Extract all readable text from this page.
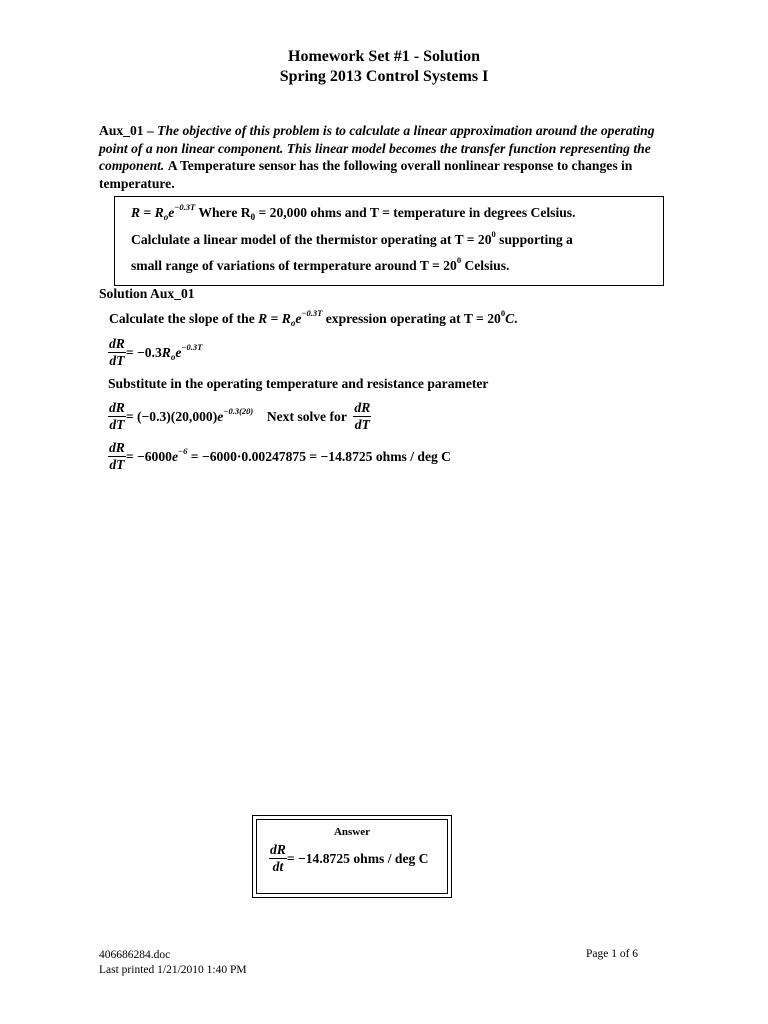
Homework Set #1 - Solution
Spring 2013 Control Systems I
Aux_01 – The objective of this problem is to calculate a linear approximation around the operating point of a non linear component. This linear model becomes the transfer function representing the component. A Temperature sensor has the following overall nonlinear response to changes in temperature.
$R = R_oe^{-0.3T}$ Where $R_0 = 20,000$ ohms and T = temperature in degrees Celsius.
Calclulate a linear model of the thermistor operating at $T = 20^0$ supporting a
small range of variations of termperature around $T = 20^0$ Celsius.
Solution Aux_01
Calculate the slope of the $R = R_oe^{-0.3T}$ expression operating at $T = 20^0C$.
$\frac{dR}{dT} = -0.3R_oe^{-0.3T}$
Substitute in the operating temperature and resistance parameter
$\frac{dR}{dT} = (-0.3)(20,000)e^{-0.3(20)}$    Next solve for $\frac{dR}{dT}$
$\frac{dR}{dT} = -6000e^{-6} = -6000\cdot 0.00247875 = -14.8725$ ohms / deg C
Answer
$\frac{dR}{dt} = -14.8725$ ohms / deg C
406686284.doc
Last printed 1/21/2010 1:40 PM
Page 1 of 6
